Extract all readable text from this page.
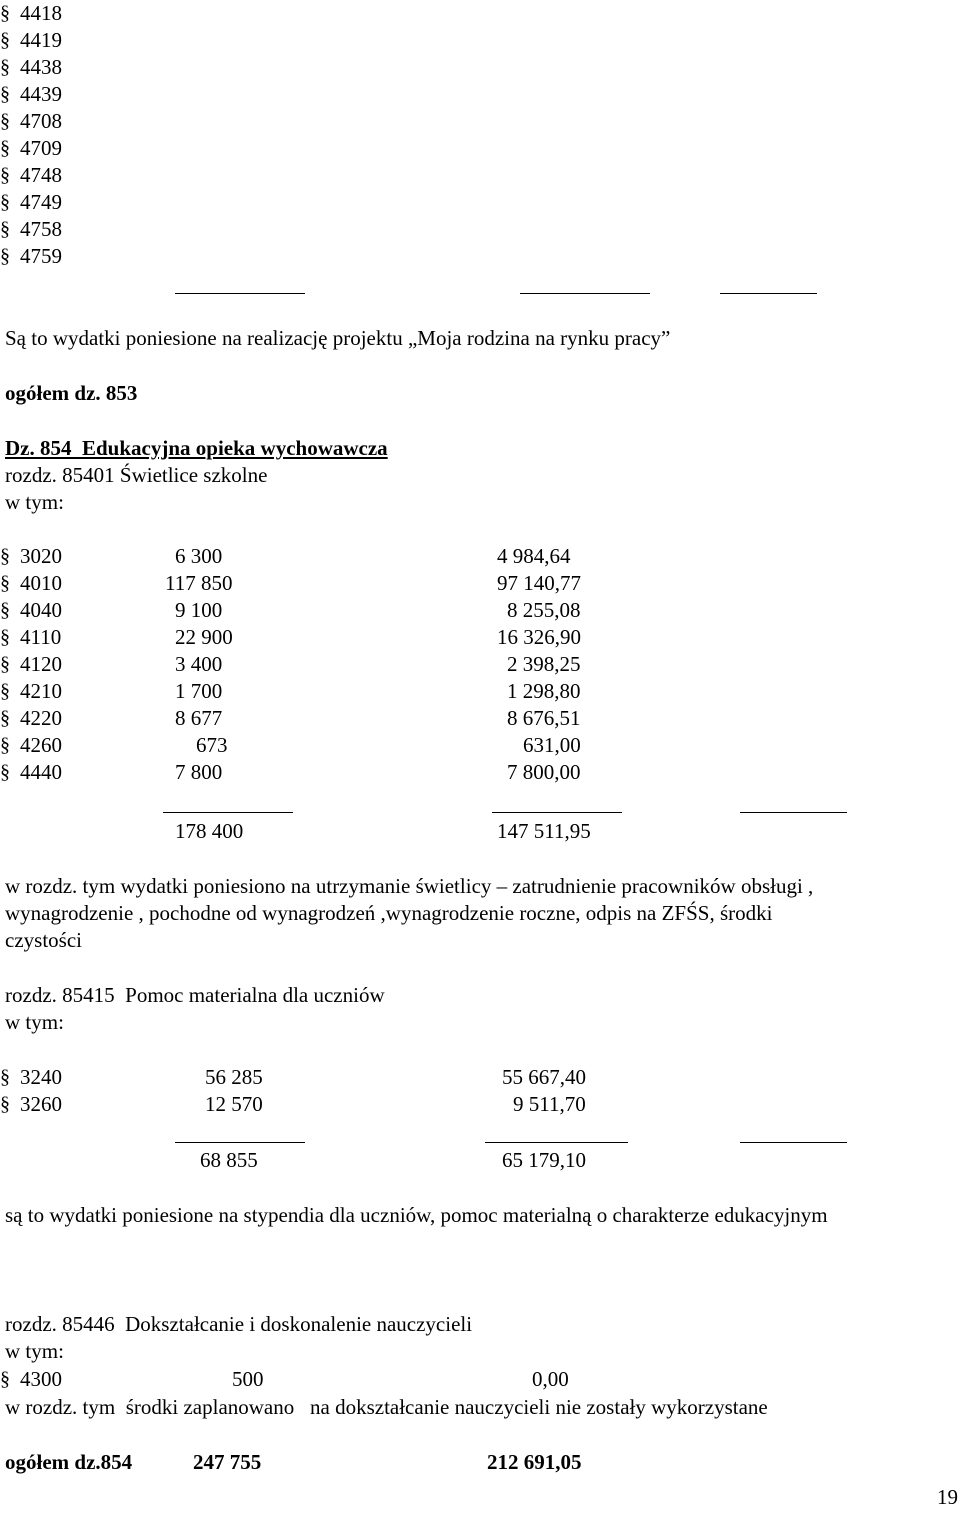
§ 4418
§ 4419
§ 4438
§ 4439
§ 4708
§ 4709
§ 4748
§ 4749
§ 4758
§ 4759
Są to wydatki poniesione na realizację projektu „Moja rodzina na rynku pracy”
ogółem dz. 853
Dz. 854  Edukacyjna opieka wychowawcza
rozdz. 85401 Świetlice szkolne
w tym:
§ 3020	6 300	4 984,64
§ 4010	117 850	97 140,77
§ 4040	9 100	8 255,08
§ 4110	22 900	16 326,90
§ 4120	3 400	2 398,25
§ 4210	1 700	1 298,80
§ 4220	8 677	8 676,51
§ 4260	673	631,00
§ 4440	7 800	7 800,00
178 400	147 511,95
w rozdz. tym wydatki poniesiono na utrzymanie świetlicy – zatrudnienie pracowników obsługi ,
wynagrodzenie , pochodne od wynagrodzeń ,wynagrodzenie roczne, odpis na ZFŚS, środki
czystości
rozdz. 85415  Pomoc materialna dla uczniów
w tym:
§ 3240	56 285	55 667,40
§ 3260	12 570	9 511,70
68 855	65 179,10
są to wydatki poniesione na stypendia dla uczniów, pomoc materialną o charakterze edukacyjnym
rozdz. 85446  Dokształcanie i doskonalenie nauczycieli
w tym:
§ 4300	500	0,00
w rozdz. tym  środki zaplanowano   na dokształcanie nauczycieli nie zostały wykorzystane
ogółem dz.854	247 755	212 691,05
19
